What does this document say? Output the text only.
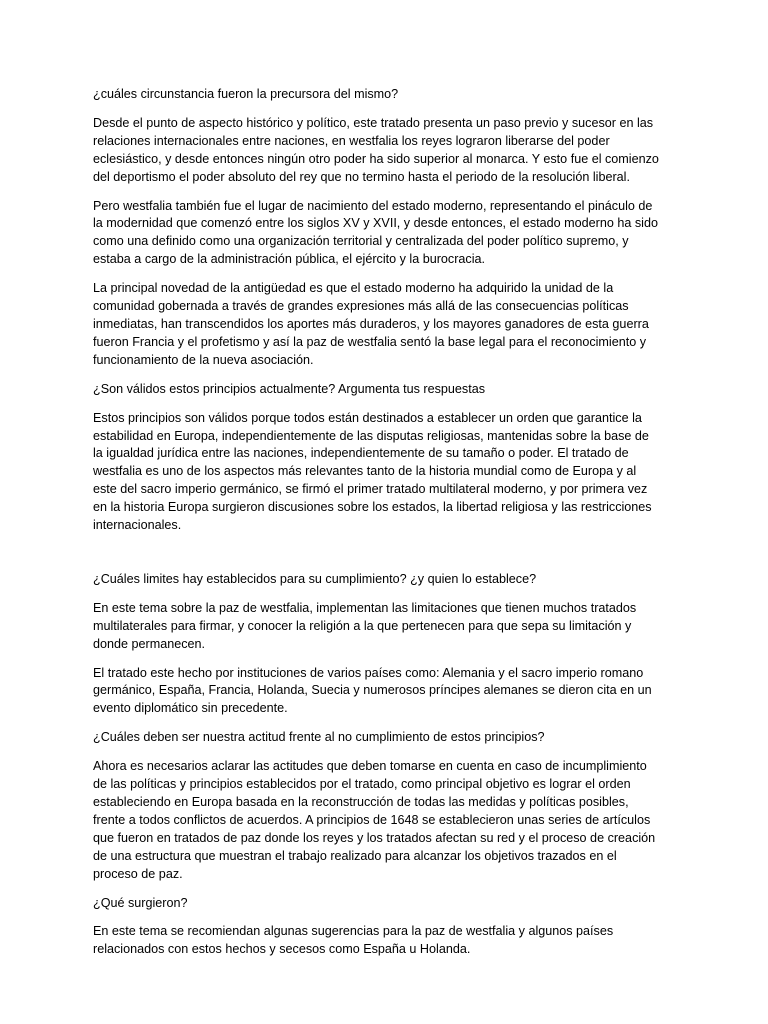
¿cuáles circunstancia fueron la precursora del mismo?

Desde el punto de aspecto histórico y político, este tratado presenta un paso previo y sucesor en las
relaciones internacionales entre naciones, en westfalia los reyes lograron liberarse del poder
eclesiástico, y desde entonces ningún otro poder ha sido superior al monarca. Y esto fue el comienzo
del deportismo el poder absoluto del rey que no termino hasta el periodo de la resolución liberal.

Pero westfalia también fue el lugar de nacimiento del estado moderno, representando el pináculo de
la modernidad que comenzó entre los siglos XV y XVII, y desde entonces, el estado moderno ha sido
como una definido como una organización territorial y centralizada del poder político supremo, y
estaba a cargo de la administración pública, el ejército y la burocracia.

La principal novedad de la antigüedad es que el estado moderno ha adquirido la unidad de la
comunidad gobernada a través de grandes expresiones más allá de las consecuencias políticas
inmediatas, han transcendidos los aportes más duraderos, y los mayores ganadores de esta guerra
fueron Francia y el profetismo y así la paz de westfalia sentó la base legal para el reconocimiento y
funcionamiento de la nueva asociación.

¿Son válidos estos principios actualmente? Argumenta tus respuestas

Estos principios son válidos porque todos están destinados a establecer un orden que garantice la
estabilidad en Europa, independientemente de las disputas religiosas, mantenidas sobre la base de
la igualdad jurídica entre las naciones, independientemente de su tamaño o poder. El tratado de
westfalia es uno de los aspectos más relevantes tanto de la historia mundial como de Europa y al
este del sacro imperio germánico, se firmó el primer tratado multilateral moderno, y por primera vez
en la historia Europa surgieron discusiones sobre los estados, la libertad religiosa y las restricciones
internacionales.

¿Cuáles limites hay establecidos para su cumplimiento? ¿y quien lo establece?

En este tema sobre la paz de westfalia, implementan las limitaciones que tienen muchos tratados
multilaterales para firmar, y conocer la religión a la que pertenecen para que sepa su limitación y
donde permanecen.

El tratado este hecho por instituciones de varios países como: Alemania y el sacro imperio romano
germánico, España, Francia, Holanda, Suecia y numerosos príncipes alemanes se dieron cita en un
evento diplomático sin precedente.

¿Cuáles deben ser nuestra actitud frente al no cumplimiento de estos principios?

Ahora es necesarios aclarar las actitudes que deben tomarse en cuenta en caso de incumplimiento
de las políticas y principios establecidos por el tratado, como principal objetivo es lograr el orden
estableciendo en Europa basada en la reconstrucción de todas las medidas y políticas posibles,
frente a todos conflictos de acuerdos. A principios de 1648 se establecieron unas series de artículos
que fueron en tratados de paz donde los reyes y los tratados afectan su red y el proceso de creación
de una estructura que muestran el trabajo realizado para alcanzar los objetivos trazados en el
proceso de paz.

¿Qué surgieron?

En este tema se recomiendan algunas sugerencias para la paz de westfalia y algunos países
relacionados con estos hechos y secesos como España u Holanda.
